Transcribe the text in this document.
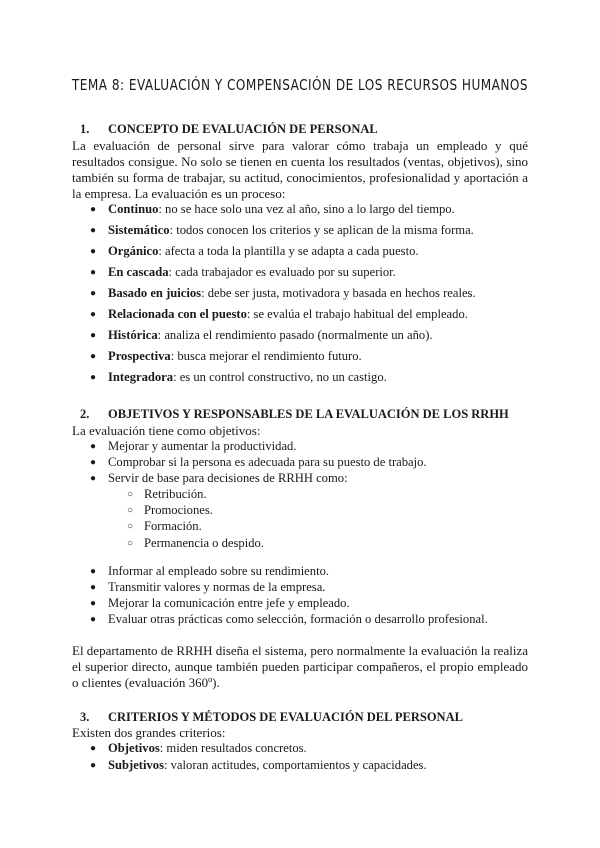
TEMA 8: EVALUACIÓN Y COMPENSACIÓN DE LOS RECURSOS HUMANOS
1. CONCEPTO DE EVALUACIÓN DE PERSONAL
La evaluación de personal sirve para valorar cómo trabaja un empleado y qué resultados consigue. No solo se tienen en cuenta los resultados (ventas, objetivos), sino también su forma de trabajar, su actitud, conocimientos, profesionalidad y aportación a la empresa. La evaluación es un proceso:
● Continuo: no se hace solo una vez al año, sino a lo largo del tiempo.
● Sistemático: todos conocen los criterios y se aplican de la misma forma.
● Orgánico: afecta a toda la plantilla y se adapta a cada puesto.
● En cascada: cada trabajador es evaluado por su superior.
● Basado en juicios: debe ser justa, motivadora y basada en hechos reales.
● Relacionada con el puesto: se evalúa el trabajo habitual del empleado.
● Histórica: analiza el rendimiento pasado (normalmente un año).
● Prospectiva: busca mejorar el rendimiento futuro.
● Integradora: es un control constructivo, no un castigo.
2. OBJETIVOS Y RESPONSABLES DE LA EVALUACIÓN DE LOS RRHH
La evaluación tiene como objetivos:
● Mejorar y aumentar la productividad.
● Comprobar si la persona es adecuada para su puesto de trabajo.
● Servir de base para decisiones de RRHH como:
○ Retribución.
○ Promociones.
○ Formación.
○ Permanencia o despido.
● Informar al empleado sobre su rendimiento.
● Transmitir valores y normas de la empresa.
● Mejorar la comunicación entre jefe y empleado.
● Evaluar otras prácticas como selección, formación o desarrollo profesional.
El departamento de RRHH diseña el sistema, pero normalmente la evaluación la realiza el superior directo, aunque también pueden participar compañeros, el propio empleado o clientes (evaluación 360º).
3. CRITERIOS Y MÉTODOS DE EVALUACIÓN DEL PERSONAL
Existen dos grandes criterios:
● Objetivos: miden resultados concretos.
● Subjetivos: valoran actitudes, comportamientos y capacidades.
